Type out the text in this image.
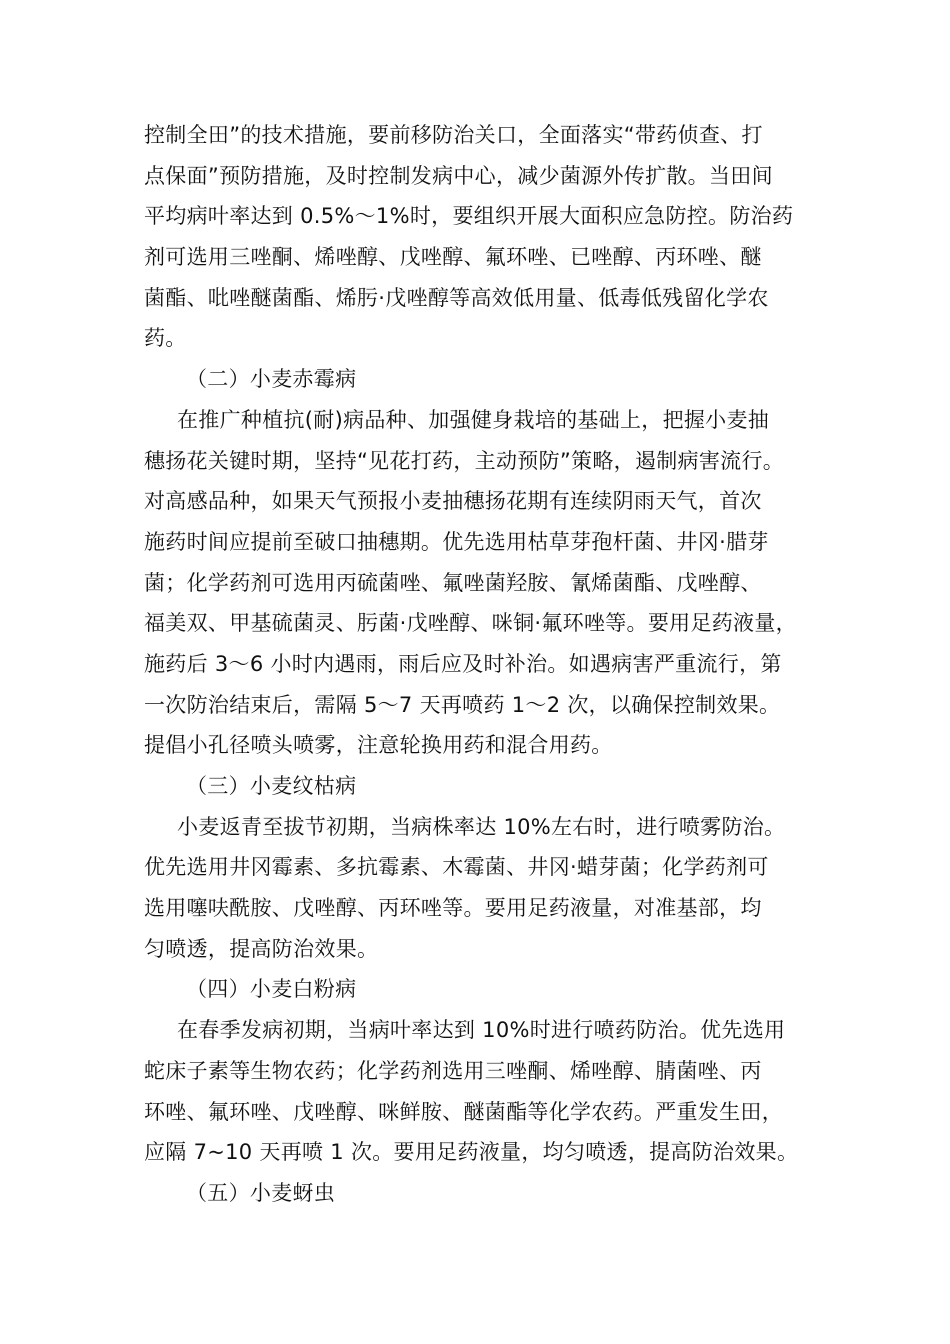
控制全田”的技术措施，要前移防治关口，全面落实“带药侦查、打
点保面”预防措施，及时控制发病中心，减少菌源外传扩散。当田间
平均病叶率达到 0.5%～1%时，要组织开展大面积应急防控。防治药
剂可选用三唑酮、烯唑醇、戊唑醇、氟环唑、已唑醇、丙环唑、醚
菌酯、吡唑醚菌酯、烯肟·戊唑醇等高效低用量、低毒低残留化学农
药。
（二）小麦赤霉病
在推广种植抗(耐)病品种、加强健身栽培的基础上，把握小麦抽
穗扬花关键时期，坚持“见花打药，主动预防”策略，遏制病害流行。
对高感品种，如果天气预报小麦抽穗扬花期有连续阴雨天气，首次
施药时间应提前至破口抽穗期。优先选用枯草芽孢杆菌、井冈·腊芽
菌；化学药剂可选用丙硫菌唑、氟唑菌羟胺、氰烯菌酯、戊唑醇、
福美双、甲基硫菌灵、肟菌·戊唑醇、咪铜·氟环唑等。要用足药液量，
施药后 3～6 小时内遇雨，雨后应及时补治。如遇病害严重流行，第
一次防治结束后，需隔 5～7 天再喷药 1～2 次，以确保控制效果。
提倡小孔径喷头喷雾，注意轮换用药和混合用药。
（三）小麦纹枯病
小麦返青至拔节初期，当病株率达 10%左右时，进行喷雾防治。
优先选用井冈霉素、多抗霉素、木霉菌、井冈·蜡芽菌；化学药剂可
选用噻呋酰胺、戊唑醇、丙环唑等。要用足药液量，对准基部，均
匀喷透，提高防治效果。
（四）小麦白粉病
在春季发病初期，当病叶率达到 10%时进行喷药防治。优先选用
蛇床子素等生物农药；化学药剂选用三唑酮、烯唑醇、腈菌唑、丙
环唑、氟环唑、戊唑醇、咪鲜胺、醚菌酯等化学农药。严重发生田，
应隔 7~10 天再喷 1 次。要用足药液量，均匀喷透，提高防治效果。
（五）小麦蚜虫
